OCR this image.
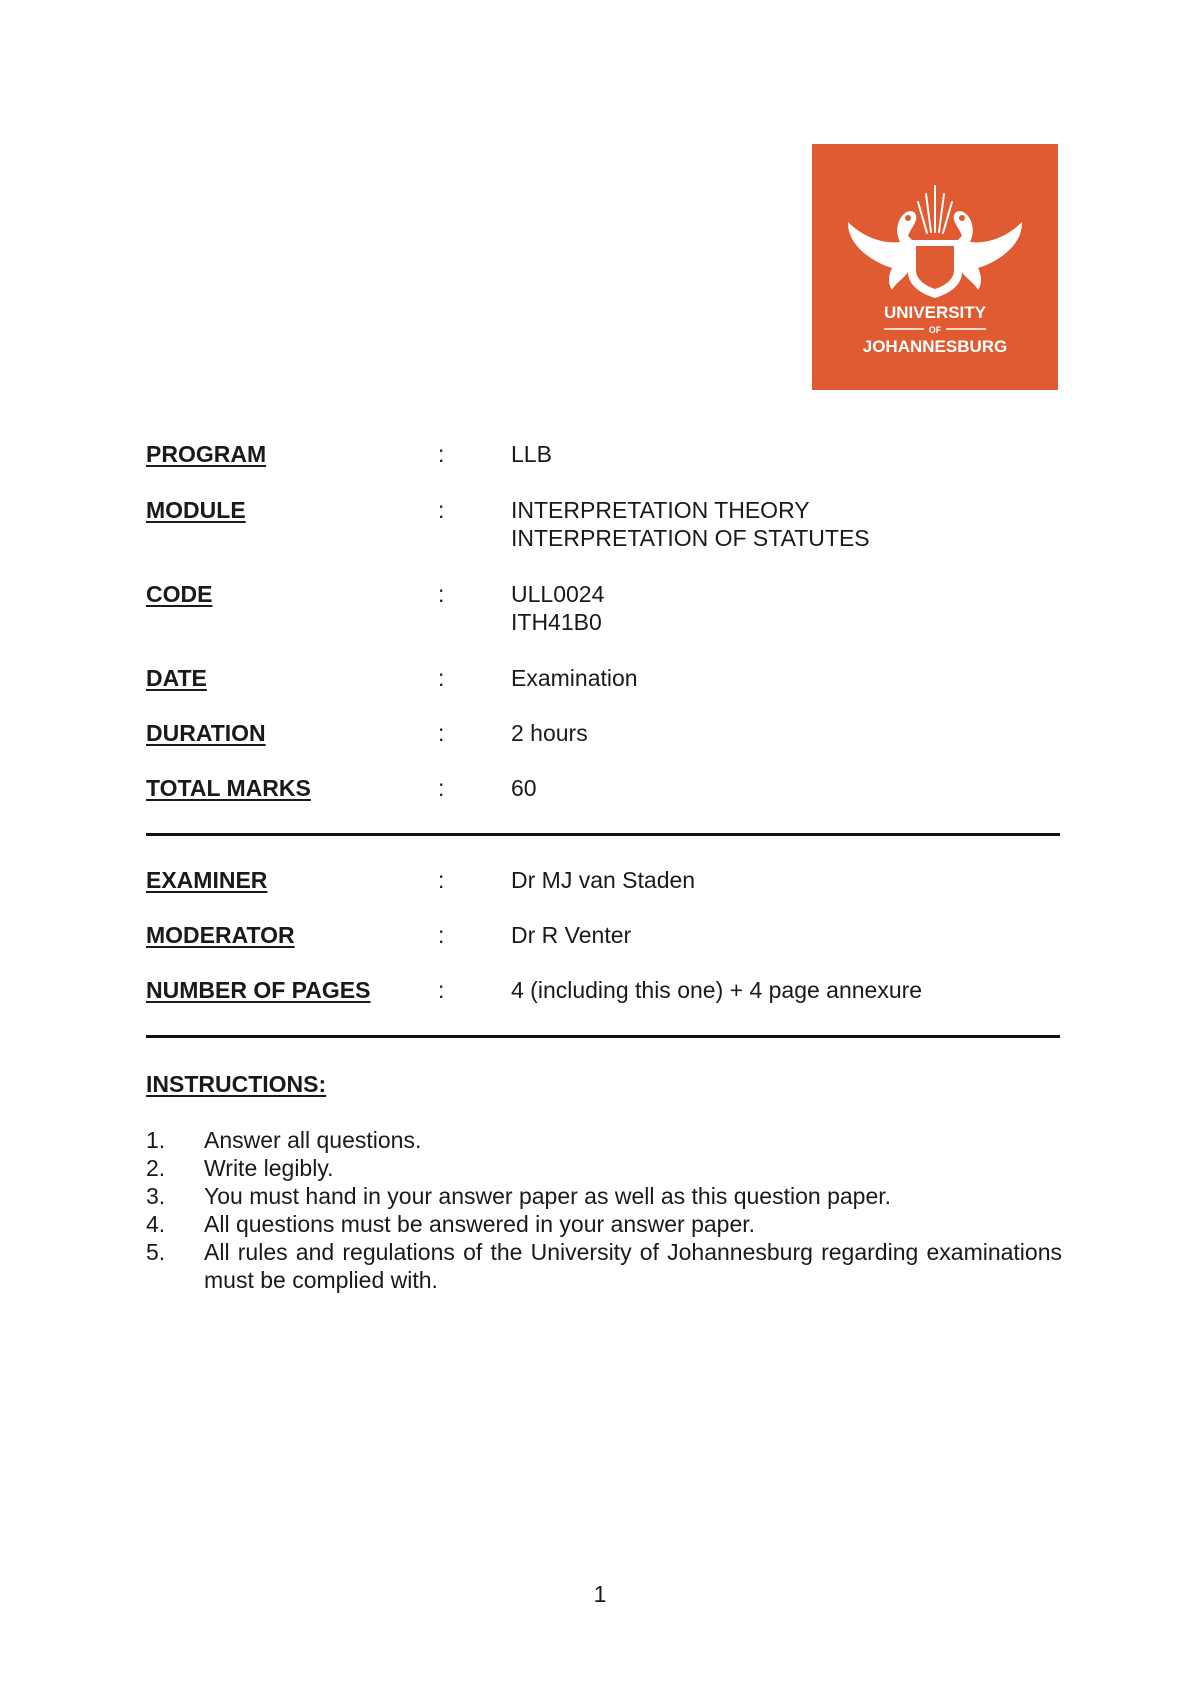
UNIVERSITY
OF
JOHANNESBURG
PROGRAM	:	LLB
MODULE	:	INTERPRETATION THEORY
INTERPRETATION OF STATUTES
CODE	:	ULL0024
ITH41B0
DATE	:	Examination
DURATION	:	2 hours
TOTAL MARKS	:	60
EXAMINER	:	Dr MJ van Staden
MODERATOR	:	Dr R Venter
NUMBER OF PAGES	:	4 (including this one) + 4 page annexure
INSTRUCTIONS:
1.	Answer all questions.
2.	Write legibly.
3.	You must hand in your answer paper as well as this question paper.
4.	All questions must be answered in your answer paper.
5.	All rules and regulations of the University of Johannesburg regarding examinations must be complied with.
1
